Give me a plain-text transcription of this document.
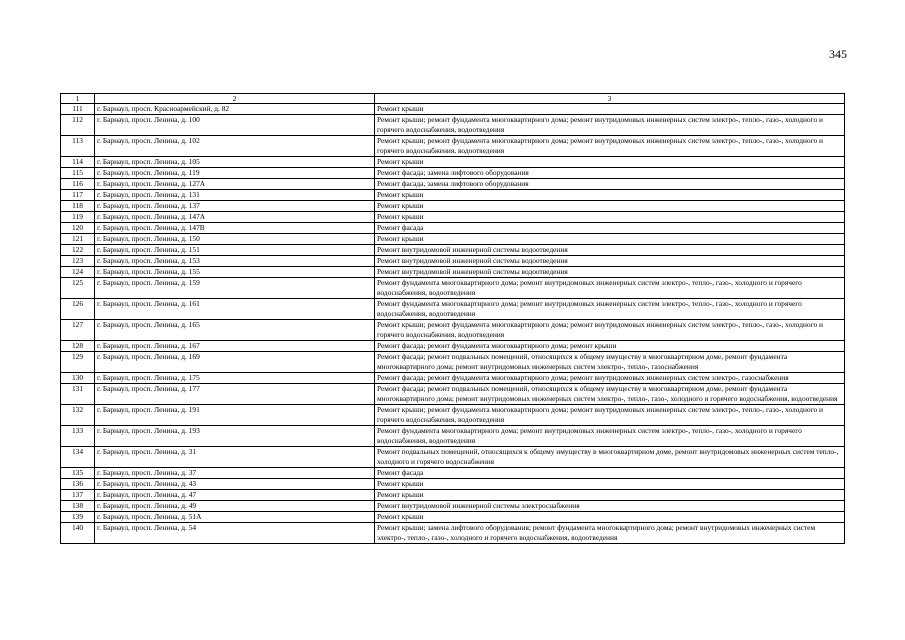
345
1	2	3
111	г. Барнаул, просп. Красноармейский, д. 82	Ремонт крыши
112	г. Барнаул, просп. Ленина, д. 100	Ремонт крыши; ремонт фундамента многоквартирного дома; ремонт внутридомовых инженерных систем электро-, тепло-, газо-, холодного и горячего водоснабжения, водоотведения
113	г. Барнаул, просп. Ленина, д. 102	Ремонт крыши; ремонт фундамента многоквартирного дома; ремонт внутридомовых инженерных систем электро-, тепло-, газо-, холодного и горячего водоснабжения, водоотведения
114	г. Барнаул, просп. Ленина, д. 105	Ремонт крыши
115	г. Барнаул, просп. Ленина, д. 119	Ремонт фасада; замена лифтового оборудования
116	г. Барнаул, просп. Ленина, д. 127А	Ремонт фасада, замена лифтового оборудования
117	г. Барнаул, просп. Ленина, д. 131	Ремонт крыши
118	г. Барнаул, просп. Ленина, д. 137	Ремонт крыши
119	г. Барнаул, просп. Ленина, д. 147А	Ремонт крыши
120	г. Барнаул, просп. Ленина, д. 147В	Ремонт фасада
121	г. Барнаул, просп. Ленина, д. 150	Ремонт крыши
122	г. Барнаул, просп. Ленина, д. 151	Ремонт внутридомовой инженерной системы водоотведения
123	г. Барнаул, просп. Ленина, д. 153	Ремонт внутридомовой инженерной системы водоотведения
124	г. Барнаул, просп. Ленина, д. 155	Ремонт внутридомовой инженерной системы водоотведения
125	г. Барнаул, просп. Ленина, д. 159	Ремонт фундамента многоквартирного дома; ремонт внутридомовых инженерных систем электро-, тепло-, газо-, холодного и горячего водоснабжения, водоотведения
126	г. Барнаул, просп. Ленина, д. 161	Ремонт фундамента многоквартирного дома; ремонт внутридомовых инженерных систем электро-, тепло-, газо-, холодного и горячего водоснабжения, водоотведения
127	г. Барнаул, просп. Ленина, д. 165	Ремонт крыши; ремонт фундамента многоквартирного дома; ремонт внутридомовых инженерных систем электро-, тепло-, газо-, холодного и горячего водоснабжения, водоотведения
128	г. Барнаул, просп. Ленина, д. 167	Ремонт фасада; ремонт фундамента многоквартирного дома; ремонт крыши
129	г. Барнаул, просп. Ленина, д. 169	Ремонт фасада; ремонт подвальных помещений, относящихся к общему имуществу в многоквартирном доме, ремонт фундамента многоквартирного дома; ремонт внутридомовых инженерных систем электро-, тепло-, газоснабжения
130	г. Барнаул, просп. Ленина, д. 175	Ремонт фасада; ремонт фундамента многоквартирного дома; ремонт внутридомовых инженерных систем электро-, газоснабжения
131	г. Барнаул, просп. Ленина, д. 177	Ремонт фасада; ремонт подвальных помещений, относящихся к общему имуществу в многоквартирном доме, ремонт фундамента многоквартирного дома; ремонт внутридомовых инженерных систем электро-, тепло-, газо-, холодного и горячего водоснабжения, водоотведения
132	г. Барнаул, просп. Ленина, д. 191	Ремонт крыши; ремонт фундамента многоквартирного дома; ремонт внутридомовых инженерных систем электро-, тепло-, газо-, холодного и горячего водоснабжения, водоотведения
133	г. Барнаул, просп. Ленина, д. 193	Ремонт фундамента многоквартирного дома; ремонт внутридомовых инженерных систем электро-, тепло-, газо-, холодного и горячего водоснабжения, водоотведения
134	г. Барнаул, просп. Ленина, д. 31	Ремонт подвальных помещений, относящихся к общему имуществу в многоквартирном доме, ремонт внутридомовых инженерных систем тепло-, холодного и горячего водоснабжения
135	г. Барнаул, просп. Ленина, д. 37	Ремонт фасада
136	г. Барнаул, просп. Ленина, д. 43	Ремонт крыши
137	г. Барнаул, просп. Ленина, д. 47	Ремонт крыши
138	г. Барнаул, просп. Ленина, д. 49	Ремонт внутридомовой инженерной системы электроснабжения
139	г. Барнаул, просп. Ленина, д. 51А	Ремонт крыши
140	г. Барнаул, просп. Ленина, д. 54	Ремонт крыши; замена лифтового оборудования; ремонт фундамента многоквартирного дома; ремонт внутридомовых инженерных систем электро-, тепло-, газо-, холодного и горячего водоснабжения, водоотведения
